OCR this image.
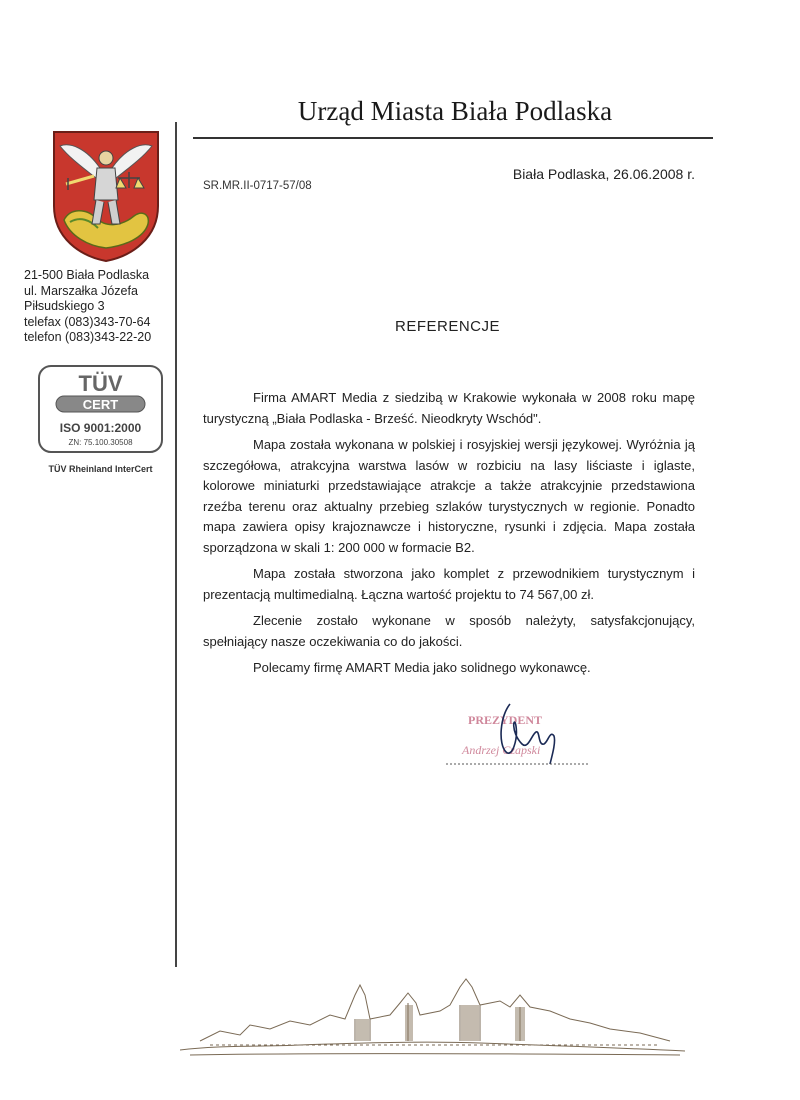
Urząd Miasta Biała Podlaska
21-500 Biała Podlaska
ul. Marszałka Józefa
Piłsudskiego 3
telefax (083)343-70-64
telefon (083)343-22-20
TÜV
CERT
ISO 9001:2000
ZN: 75.100.30508
TÜV Rheinland InterCert
Biała Podlaska, 26.06.2008 r.
SR.MR.II-0717-57/08
REFERENCJE

Firma AMART Media z siedzibą w Krakowie wykonała w 2008 roku mapę turystyczną „Biała Podlaska - Brześć. Nieodkryty Wschód".

Mapa została wykonana w polskiej i rosyjskiej wersji językowej. Wyróżnia ją szczegółowa, atrakcyjna warstwa lasów w rozbiciu na lasy liściaste i iglaste, kolorowe miniaturki przedstawiające atrakcje a także atrakcyjnie przedstawiona rzeźba terenu oraz aktualny przebieg szlaków turystycznych w regionie. Ponadto mapa zawiera opisy krajoznawcze i historyczne, rysunki i zdjęcia. Mapa została sporządzona w skali 1: 200 000 w formacie B2.

Mapa została stworzona jako komplet z przewodnikiem turystycznym i prezentacją multimedialną. Łączna wartość projektu to 74 567,00 zł.

Zlecenie zostało wykonane w sposób należyty, satysfakcjonujący, spełniający nasze oczekiwania co do jakości.

Polecamy firmę AMART Media jako solidnego wykonawcę.

PREZYDENT
Andrzej Czapski
